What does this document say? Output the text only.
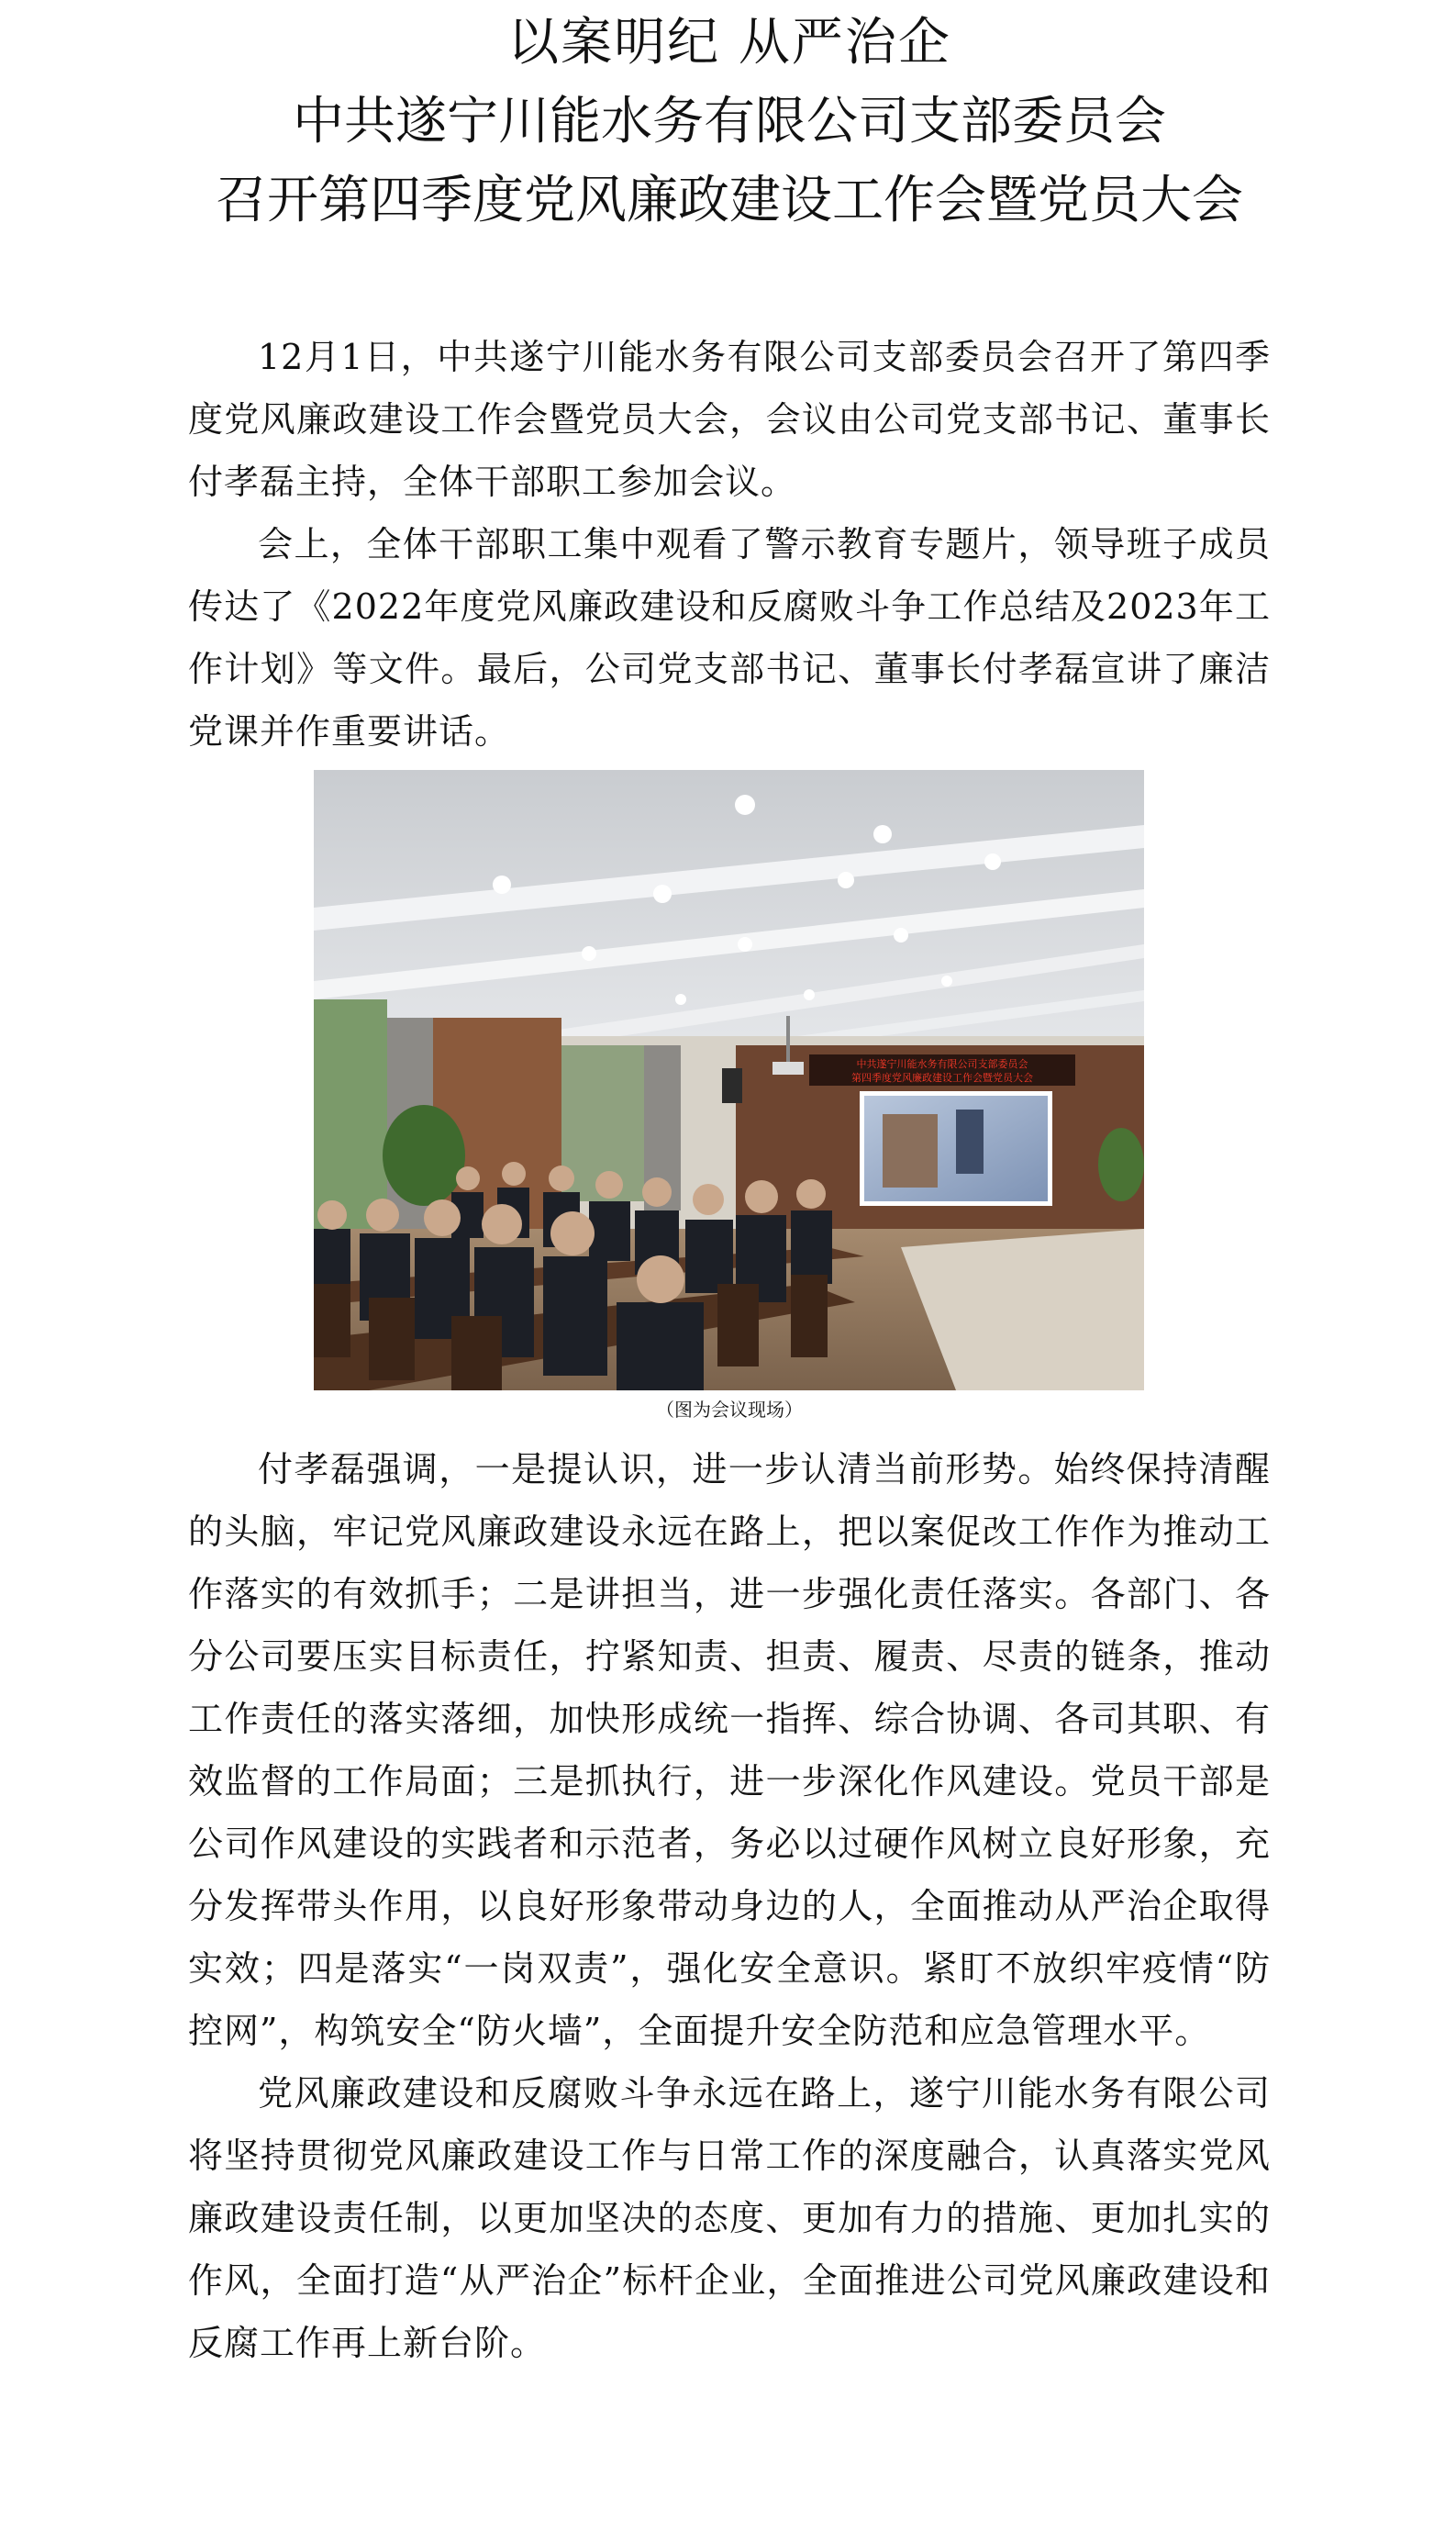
以案明纪 从严治企
中共遂宁川能水务有限公司支部委员会
召开第四季度党风廉政建设工作会暨党员大会

12月1日，中共遂宁川能水务有限公司支部委员会召开了第四季度党风廉政建设工作会暨党员大会，会议由公司党支部书记、董事长付孝磊主持，全体干部职工参加会议。

会上，全体干部职工集中观看了警示教育专题片，领导班子成员传达了《2022年度党风廉政建设和反腐败斗争工作总结及2023年工作计划》等文件。最后，公司党支部书记、董事长付孝磊宣讲了廉洁党课并作重要讲话。

中共遂宁川能水务有限公司支部委员会
第四季度党风廉政建设工作会暨党员大会
（图为会议现场）

付孝磊强调，一是提认识，进一步认清当前形势。始终保持清醒的头脑，牢记党风廉政建设永远在路上，把以案促改工作作为推动工作落实的有效抓手；二是讲担当，进一步强化责任落实。各部门、各分公司要压实目标责任，拧紧知责、担责、履责、尽责的链条，推动工作责任的落实落细，加快形成统一指挥、综合协调、各司其职、有效监督的工作局面；三是抓执行，进一步深化作风建设。党员干部是公司作风建设的实践者和示范者，务必以过硬作风树立良好形象，充分发挥带头作用，以良好形象带动身边的人，全面推动从严治企取得实效；四是落实“一岗双责”，强化安全意识。紧盯不放织牢疫情“防控网”，构筑安全“防火墙”，全面提升安全防范和应急管理水平。

党风廉政建设和反腐败斗争永远在路上，遂宁川能水务有限公司将坚持贯彻党风廉政建设工作与日常工作的深度融合，认真落实党风廉政建设责任制，以更加坚决的态度、更加有力的措施、更加扎实的作风，全面打造“从严治企”标杆企业，全面推进公司党风廉政建设和反腐工作再上新台阶。
